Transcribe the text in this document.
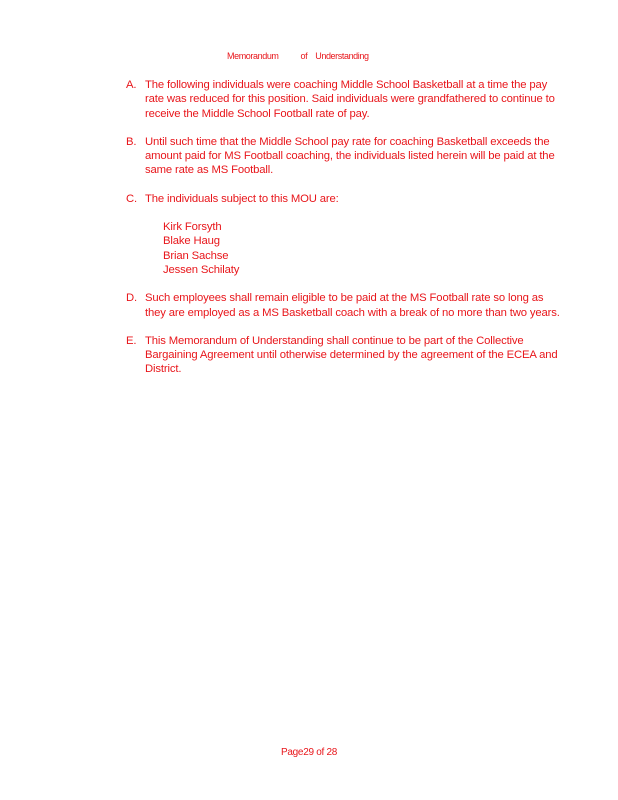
Memorandum of Understanding
A. The following individuals were coaching Middle School Basketball at a time the pay rate was reduced for this position. Said individuals were grandfathered to continue to receive the Middle School Football rate of pay.
B. Until such time that the Middle School pay rate for coaching Basketball exceeds the amount paid for MS Football coaching, the individuals listed herein will be paid at the same rate as MS Football.
C. The individuals subject to this MOU are:
Kirk Forsyth
Blake Haug
Brian Sachse
Jessen Schilaty
D. Such employees shall remain eligible to be paid at the MS Football rate so long as they are employed as a MS Basketball coach with a break of no more than two years.
E. This Memorandum of Understanding shall continue to be part of the Collective Bargaining Agreement until otherwise determined by the agreement of the ECEA and District.
Page29 of 28
